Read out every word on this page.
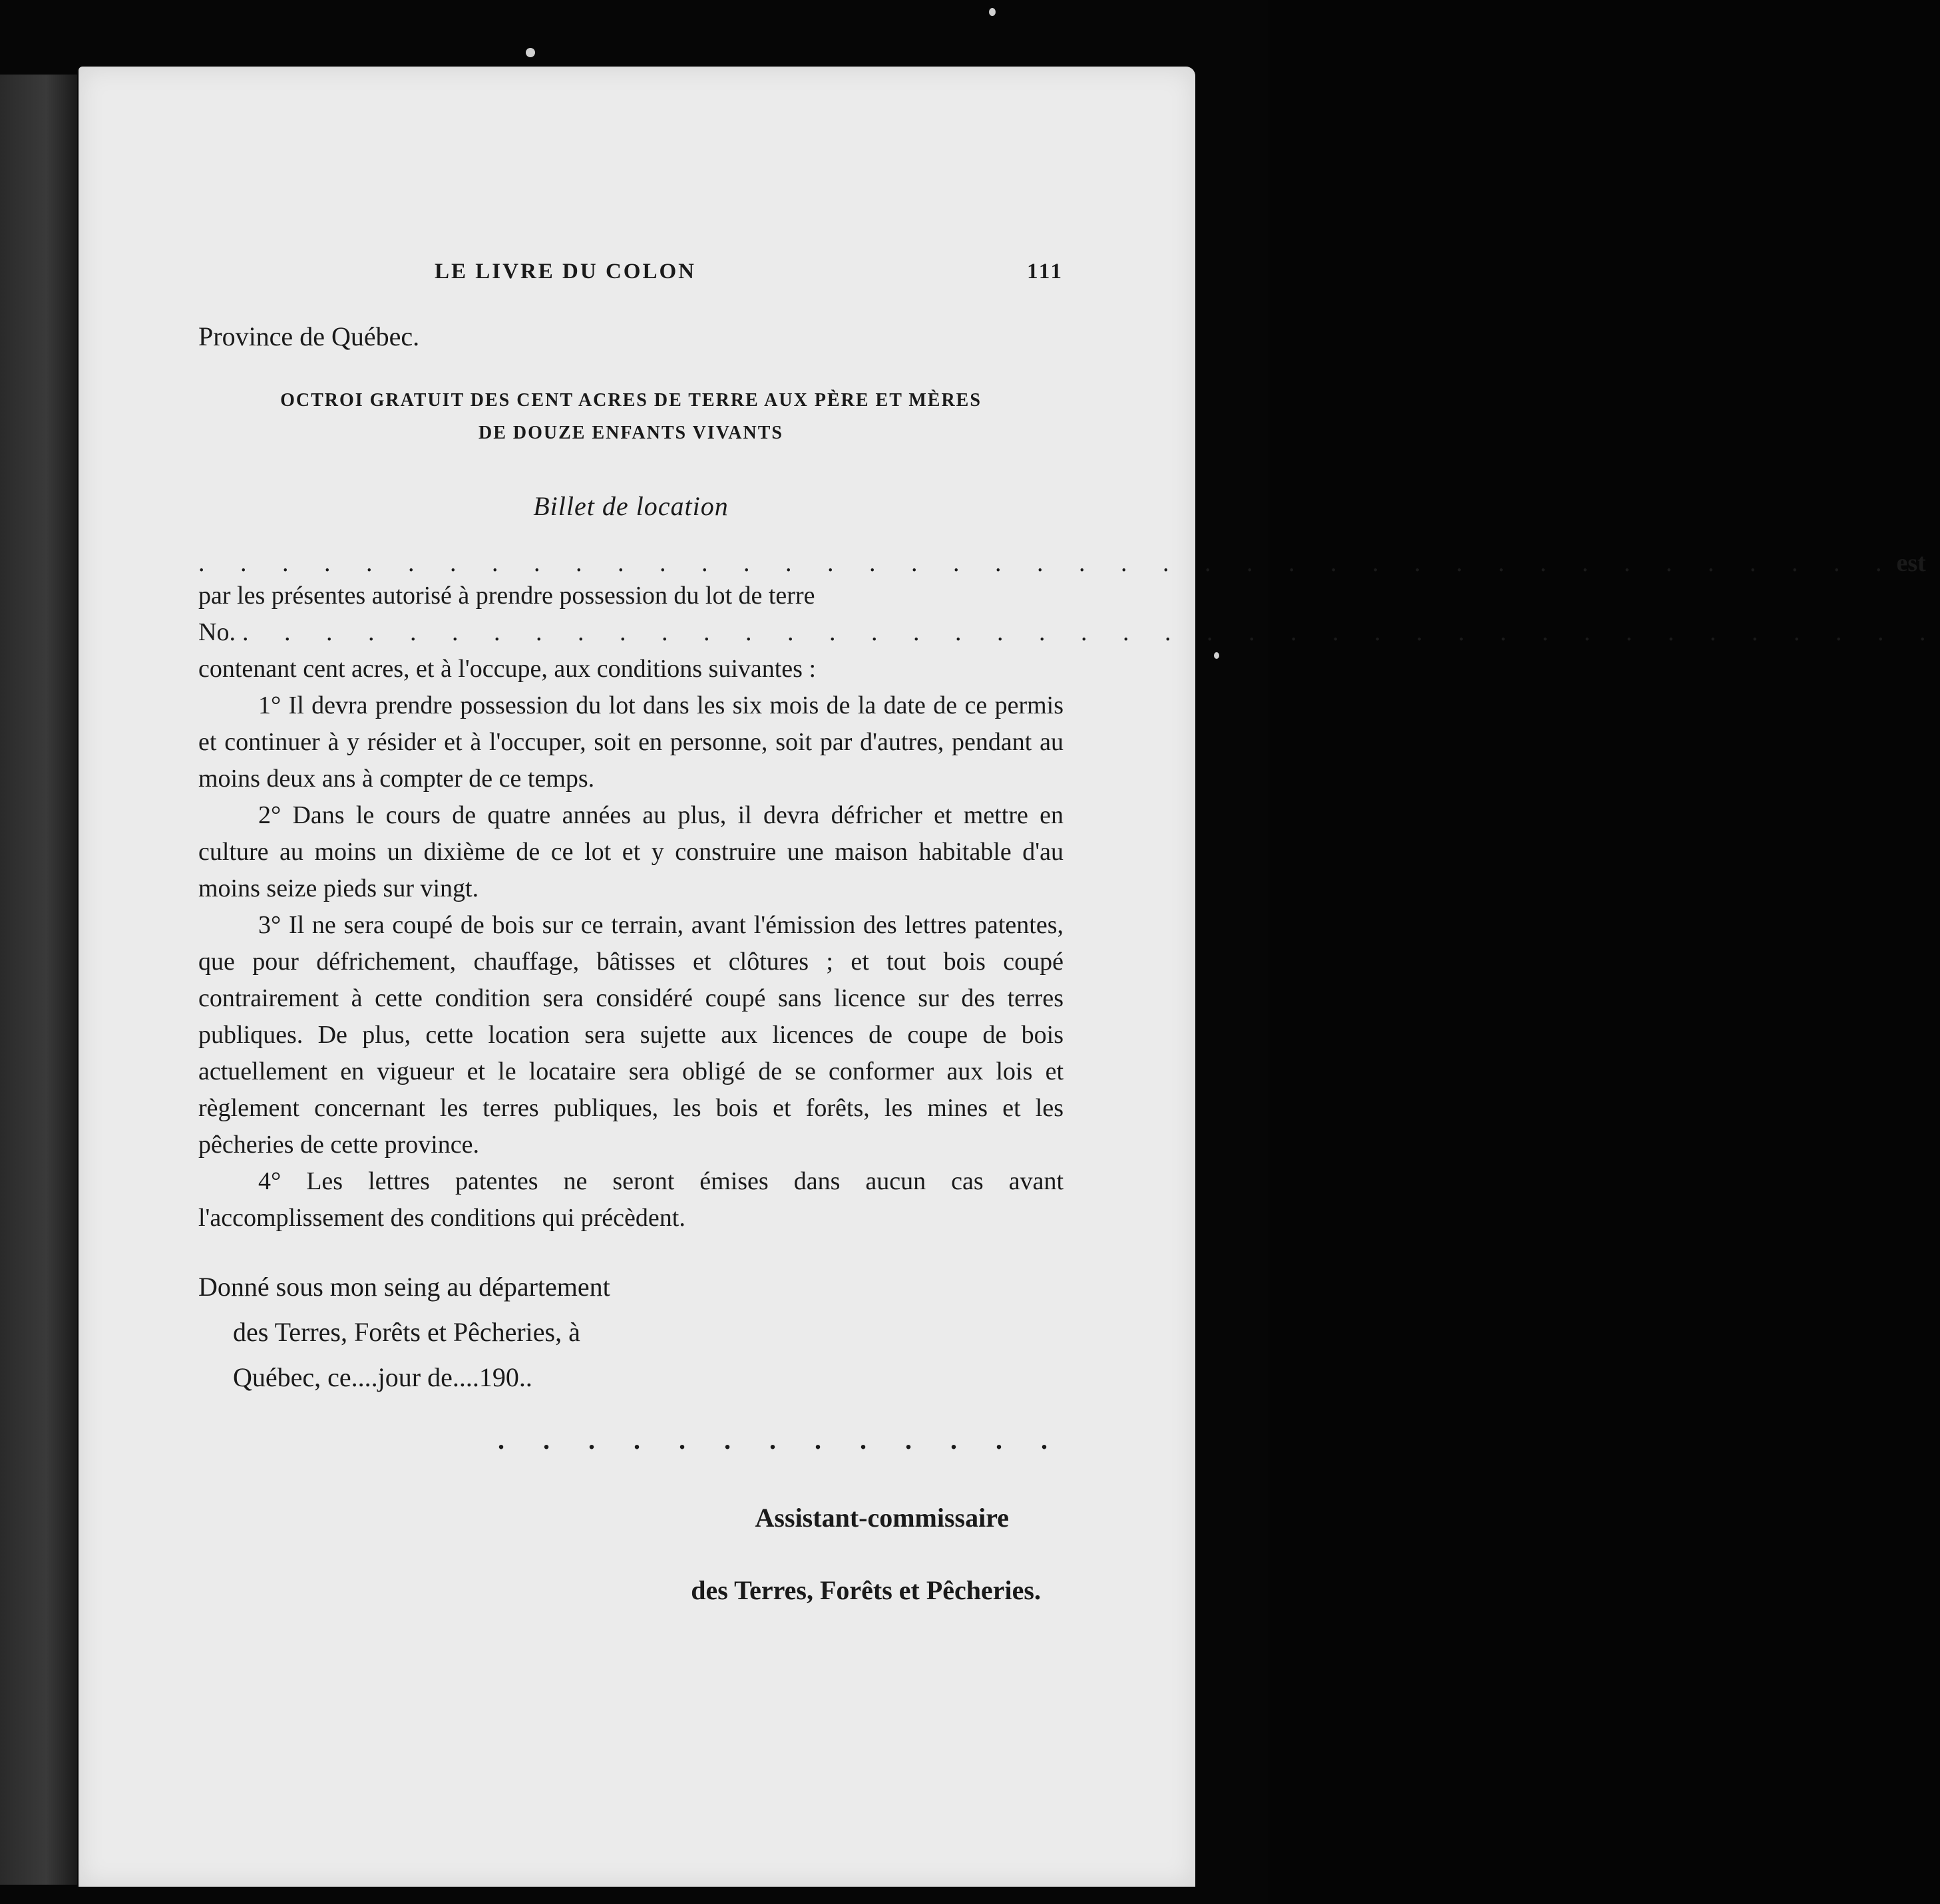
LE LIVRE DU COLON	111
Province de Québec.
OCTROI GRATUIT DES CENT ACRES DE TERRE AUX PÈRE ET MÈRES
DE DOUZE ENFANTS VIVANTS
Billet de location
. . . . . . . . . . . . . . . . . . . . . . . . . . . . . . . . . . . . . . . . . est

par les présentes autorisé à prendre possession du lot de terre

No. . . . . . . . . . . . . . . . . . . . . . . . . . . . . . . . . . . . . . . . . .

contenant cent acres, et à l'occupe, aux conditions suivantes :

1° Il devra prendre possession du lot dans les six mois de la date de ce permis et continuer à y résider et à l'occuper, soit en personne, soit par d'autres, pendant au moins deux ans à compter de ce temps.

2° Dans le cours de quatre années au plus, il devra défricher et mettre en culture au moins un dixième de ce lot et y construire une maison habitable d'au moins seize pieds sur vingt.

3° Il ne sera coupé de bois sur ce terrain, avant l'émission des lettres patentes, que pour défrichement, chauffage, bâtisses et clôtures ; et tout bois coupé contrairement à cette condition sera considéré coupé sans licence sur des terres publiques. De plus, cette location sera sujette aux licences de coupe de bois actuellement en vigueur et le locataire sera obligé de se conformer aux lois et règlement concernant les terres publiques, les bois et forêts, les mines et les pêcheries de cette province.

4° Les lettres patentes ne seront émises dans aucun cas avant l'accomplissement des conditions qui précèdent.

Donné sous mon seing au département
des Terres, Forêts et Pêcheries, à
Québec, ce....jour de....190..
. . . . . . . . . . . . .
Assistant-commissaire
des Terres, Forêts et Pêcheries.
